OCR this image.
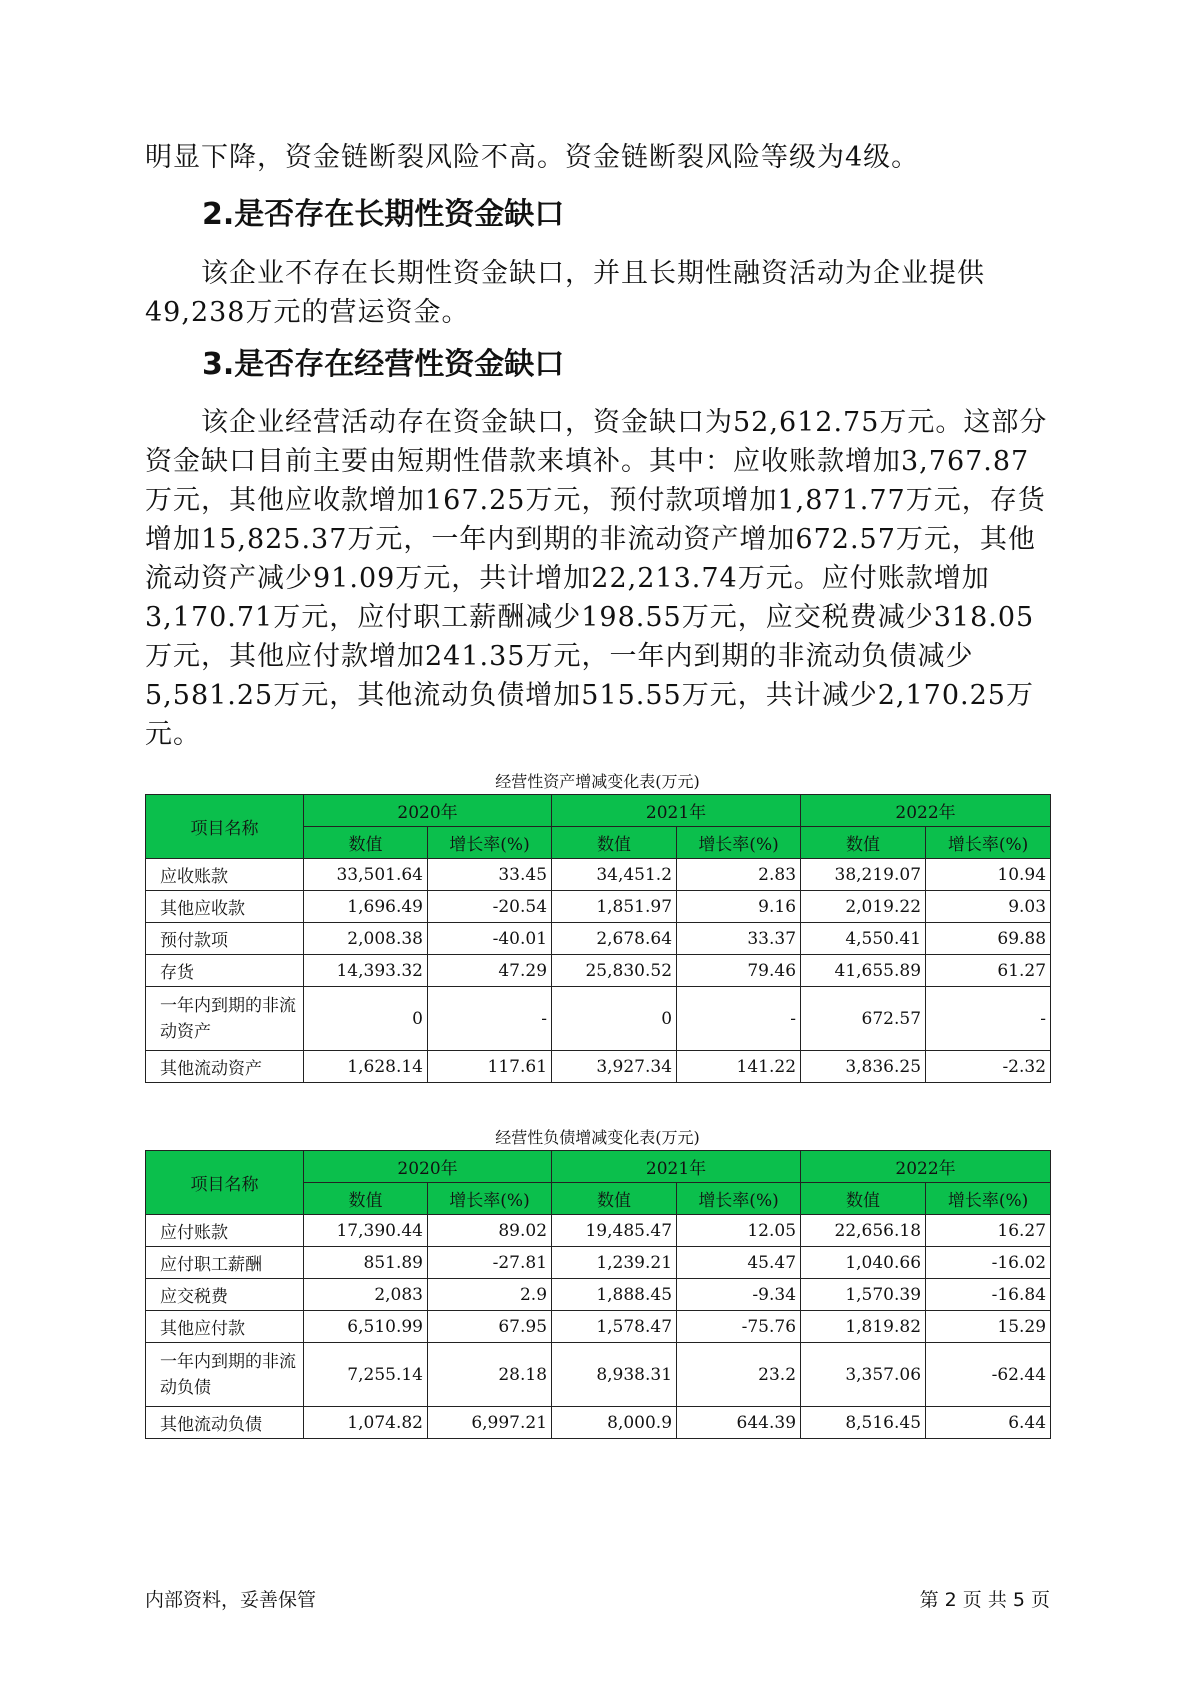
明显下降，资金链断裂风险不高。资金链断裂风险等级为4级。

2.是否存在长期性资金缺口

该企业不存在长期性资金缺口，并且长期性融资活动为企业提供49,238万元的营运资金。

3.是否存在经营性资金缺口

该企业经营活动存在资金缺口，资金缺口为52,612.75万元。这部分资金缺口目前主要由短期性借款来填补。其中：应收账款增加3,767.87万元，其他应收款增加167.25万元，预付款项增加1,871.77万元，存货增加15,825.37万元，一年内到期的非流动资产增加672.57万元，其他流动资产减少91.09万元，共计增加22,213.74万元。应付账款增加3,170.71万元，应付职工薪酬减少198.55万元，应交税费减少318.05万元，其他应付款增加241.35万元，一年内到期的非流动负债减少5,581.25万元，其他流动负债增加515.55万元，共计减少2,170.25万元。

经营性资产增减变化表(万元)

项目名称	2020年		2021年		2022年	
	数值	增长率(%)	数值	增长率(%)	数值	增长率(%)
应收账款	33,501.64	33.45	34,451.2	2.83	38,219.07	10.94
其他应收款	1,696.49	-20.54	1,851.97	9.16	2,019.22	9.03
预付款项	2,008.38	-40.01	2,678.64	33.37	4,550.41	69.88
存货	14,393.32	47.29	25,830.52	79.46	41,655.89	61.27
一年内到期的非流动资产	0	-	0	-	672.57	-
其他流动资产	1,628.14	117.61	3,927.34	141.22	3,836.25	-2.32

经营性负债增减变化表(万元)

项目名称	2020年		2021年		2022年	
	数值	增长率(%)	数值	增长率(%)	数值	增长率(%)
应付账款	17,390.44	89.02	19,485.47	12.05	22,656.18	16.27
应付职工薪酬	851.89	-27.81	1,239.21	45.47	1,040.66	-16.02
应交税费	2,083	2.9	1,888.45	-9.34	1,570.39	-16.84
其他应付款	6,510.99	67.95	1,578.47	-75.76	1,819.82	15.29
一年内到期的非流动负债	7,255.14	28.18	8,938.31	23.2	3,357.06	-62.44
其他流动负债	1,074.82	6,997.21	8,000.9	644.39	8,516.45	6.44
内部资料，妥善保管	第 2 页 共 5 页
